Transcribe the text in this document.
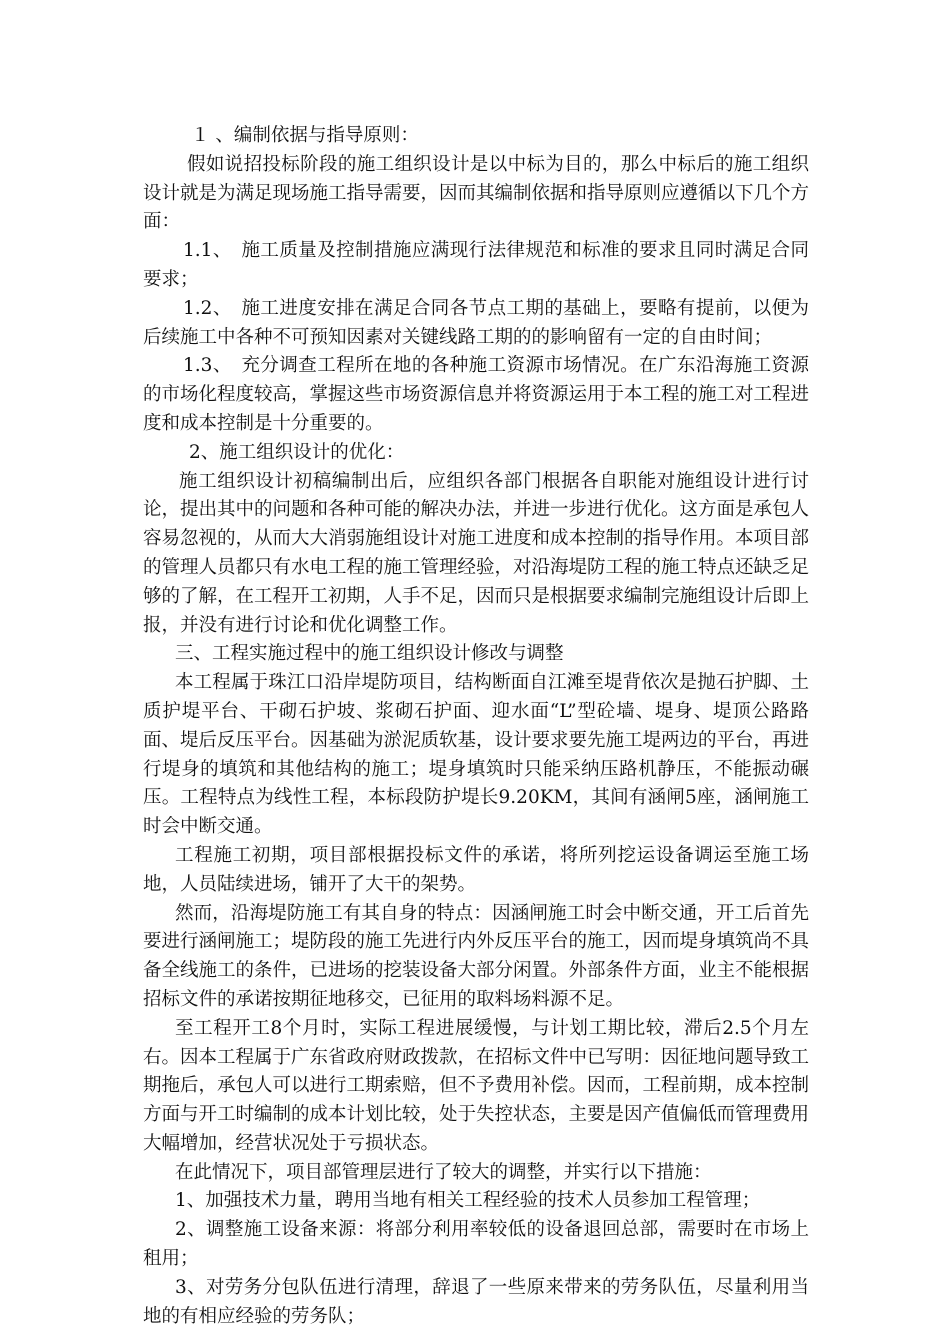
１ 、编制依据与指导原则：

假如说招投标阶段的施工组织设计是以中标为目的，那么中标后的施工组织设计就是为满足现场施工指导需要，因而其编制依据和指导原则应遵循以下几个方面：

1.1、　施工质量及控制措施应满现行法律规范和标准的要求且同时满足合同要求；

1.2、　施工进度安排在满足合同各节点工期的基础上，要略有提前，以便为后续施工中各种不可预知因素对关键线路工期的的影响留有一定的自由时间；

1.3、　充分调查工程所在地的各种施工资源市场情况。在广东沿海施工资源的市场化程度较高，掌握这些市场资源信息并将资源运用于本工程的施工对工程进度和成本控制是十分重要的。

2、施工组织设计的优化：

施工组织设计初稿编制出后，应组织各部门根据各自职能对施组设计进行讨论，提出其中的问题和各种可能的解决办法，并进一步进行优化。这方面是承包人容易忽视的，从而大大消弱施组设计对施工进度和成本控制的指导作用。本项目部的管理人员都只有水电工程的施工管理经验，对沿海堤防工程的施工特点还缺乏足够的了解，在工程开工初期，人手不足，因而只是根据要求编制完施组设计后即上报，并没有进行讨论和优化调整工作。

三、工程实施过程中的施工组织设计修改与调整

本工程属于珠江口沿岸堤防项目，结构断面自江滩至堤背依次是抛石护脚、土质护堤平台、干砌石护坡、浆砌石护面、迎水面“L”型砼墙、堤身、堤顶公路路面、堤后反压平台。因基础为淤泥质软基，设计要求要先施工堤两边的平台，再进行堤身的填筑和其他结构的施工；堤身填筑时只能采纳压路机静压，不能振动碾压。工程特点为线性工程，本标段防护堤长9.20KM，其间有涵闸5座，涵闸施工时会中断交通。

工程施工初期，项目部根据投标文件的承诺，将所列挖运设备调运至施工场地，人员陆续进场，铺开了大干的架势。

然而，沿海堤防施工有其自身的特点：因涵闸施工时会中断交通，开工后首先要进行涵闸施工；堤防段的施工先进行内外反压平台的施工，因而堤身填筑尚不具备全线施工的条件，已进场的挖装设备大部分闲置。外部条件方面，业主不能根据招标文件的承诺按期征地移交，已征用的取料场料源不足。

至工程开工8个月时，实际工程进展缓慢，与计划工期比较，滞后2.5个月左右。因本工程属于广东省政府财政拨款，在招标文件中已写明：因征地问题导致工期拖后，承包人可以进行工期索赔，但不予费用补偿。因而，工程前期，成本控制方面与开工时编制的成本计划比较，处于失控状态，主要是因产值偏低而管理费用大幅增加，经营状况处于亏损状态。

在此情况下，项目部管理层进行了较大的调整，并实行以下措施：

1、加强技术力量，聘用当地有相关工程经验的技术人员参加工程管理；

2、调整施工设备来源：将部分利用率较低的设备退回总部，需要时在市场上租用；

3、对劳务分包队伍进行清理，辞退了一些原来带来的劳务队伍，尽量利用当地的有相应经验的劳务队；
